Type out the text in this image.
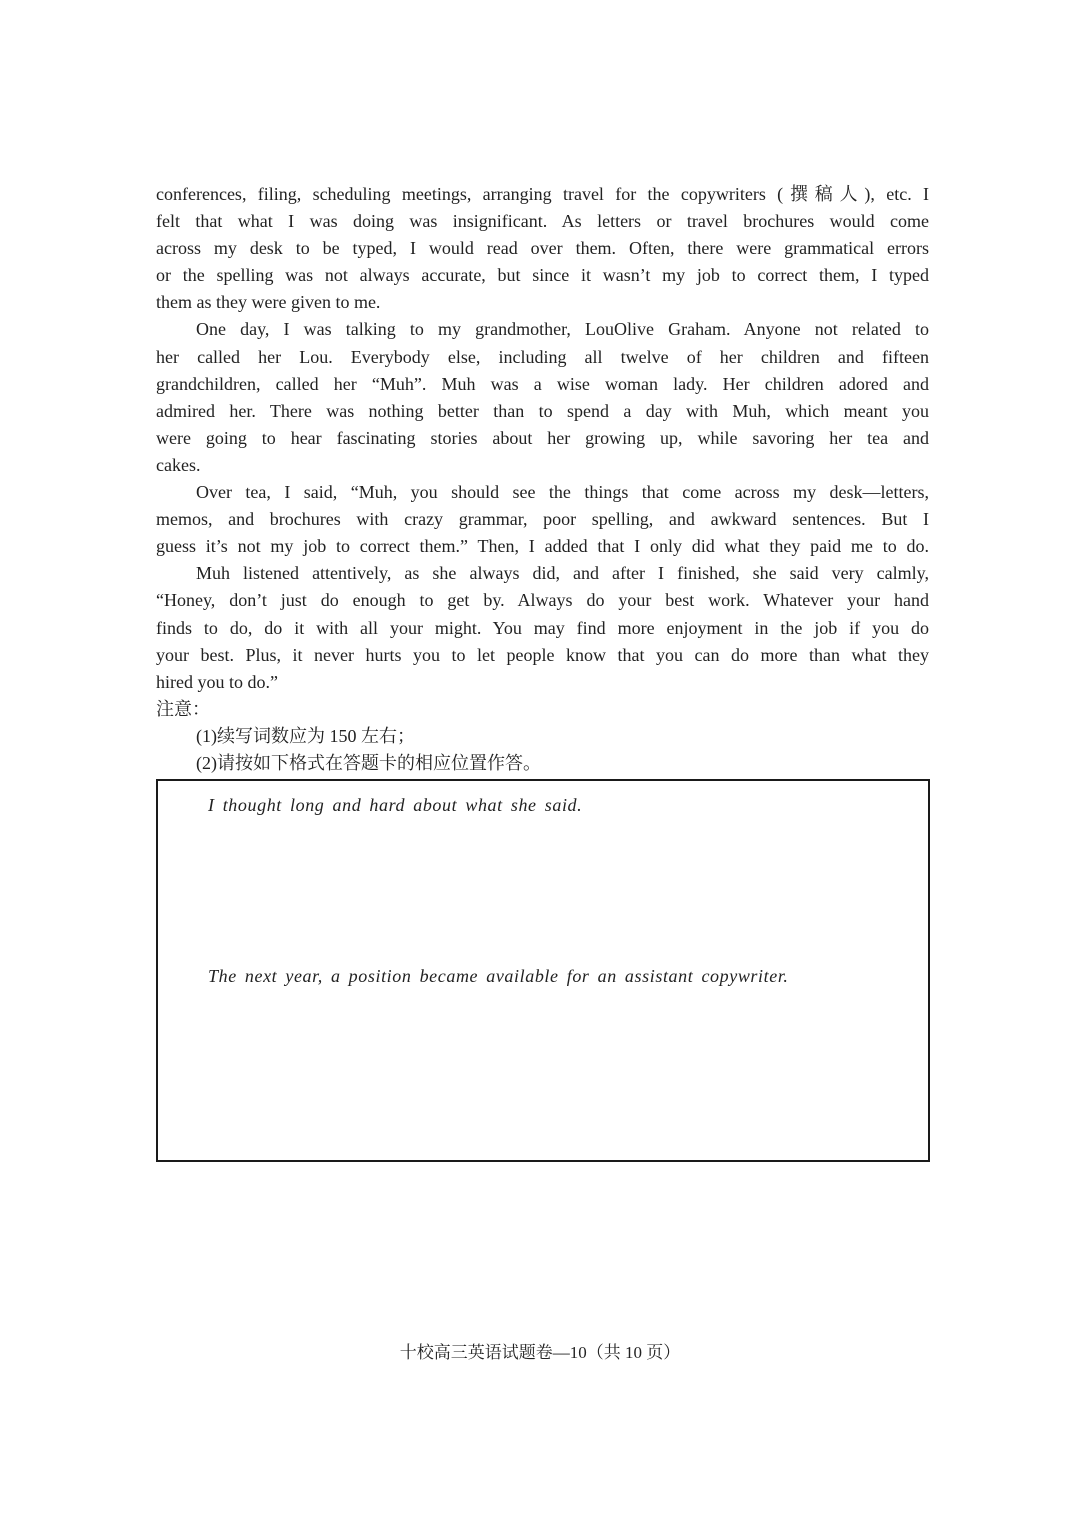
conferences, filing, scheduling meetings, arranging travel for the copywriters (撰稿人), etc. I

felt that what I was doing was insignificant. As letters or travel brochures would come

across my desk to be typed, I would read over them. Often, there were grammatical errors

or the spelling was not always accurate, but since it wasn’t my job to correct them, I typed

them as they were given to me.

One day, I was talking to my grandmother, LouOlive Graham. Anyone not related to

her called her Lou. Everybody else, including all twelve of her children and fifteen

grandchildren, called her “Muh”. Muh was a wise woman lady. Her children adored and

admired her. There was nothing better than to spend a day with Muh, which meant you

were going to hear fascinating stories about her growing up, while savoring her tea and

cakes.

Over tea, I said, “Muh, you should see the things that come across my desk—letters,

memos, and brochures with crazy grammar, poor spelling, and awkward sentences. But I

guess it’s not my job to correct them.” Then, I added that I only did what they paid me to do.

Muh listened attentively, as she always did, and after I finished, she said very calmly,

“Honey, don’t just do enough to get by. Always do your best work. Whatever your hand

finds to do, do it with all your might. You may find more enjoyment in the job if you do

your best. Plus, it never hurts you to let people know that you can do more than what they

hired you to do.”

注意：

(1)续写词数应为 150 左右；

(2)请按如下格式在答题卡的相应位置作答。

I thought long and hard about what she said.

The next year, a position became available for an assistant copywriter.

十校高三英语试题卷—10（共 10 页）
